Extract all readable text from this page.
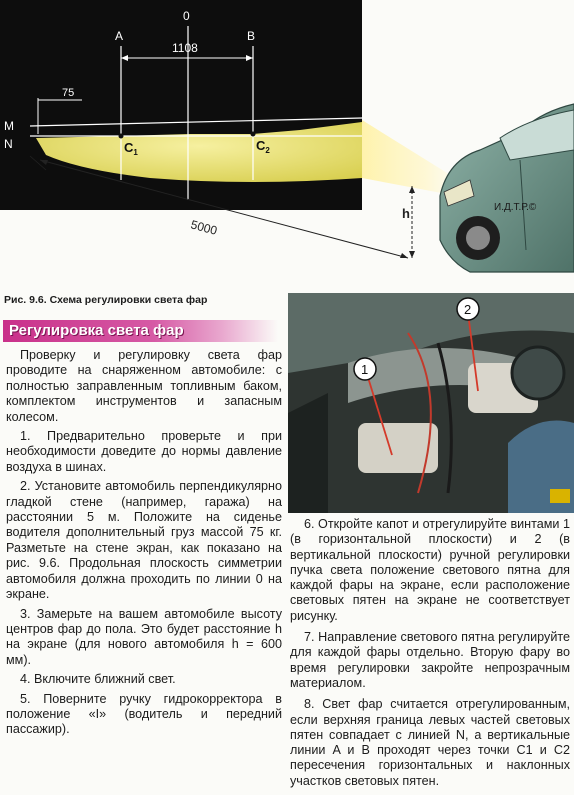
0
A	B
1108
75
M
N	$C_1$	$C_2$
5000
h	И.Д.Т.Р.©
Рис. 9.6. Схема регулировки света фар
Регулировка света фар

Проверку и регулировку света фар проводите на снаряженном автомобиле: с полностью заправленным топливным баком, комплектом инструментов и запасным колесом.

1. Предварительно проверьте и при необходимости доведите до нормы давление воздуха в шинах.

2. Установите автомобиль перпендикулярно гладкой стене (например, гаража) на расстоянии 5 м. Положите на сиденье водителя дополнительный груз массой 75 кг. Разметьте на стене экран, как показано на рис. 9.6. Продольная плоскость симметрии автомобиля должна проходить по линии 0 на экране.

3. Замерьте на вашем автомобиле высоту центров фар до пола. Это будет расстояние h на экране (для нового автомобиля h = 600 мм).

4. Включите ближний свет.

5. Поверните ручку гидрокорректора в положение «I» (водитель и передний пассажир).

1
2

6. Откройте капот и отрегулируйте винтами 1 (в горизонтальной плоскости) и 2 (в вертикальной плоскости) ручной регулировки пучка света положение светового пятна для каждой фары на экране, если расположение световых пятен на экране не соответствует рисунку.

7. Направление светового пятна регулируйте для каждой фары отдельно. Вторую фару во время регулировки закройте непрозрачным материалом.

8. Свет фар считается отрегулированным, если верхняя граница левых частей световых пятен совпадает с линией N, а вертикальные линии A и B проходят через точки C1 и C2 пересечения горизонтальных и наклонных участков световых пятен.
